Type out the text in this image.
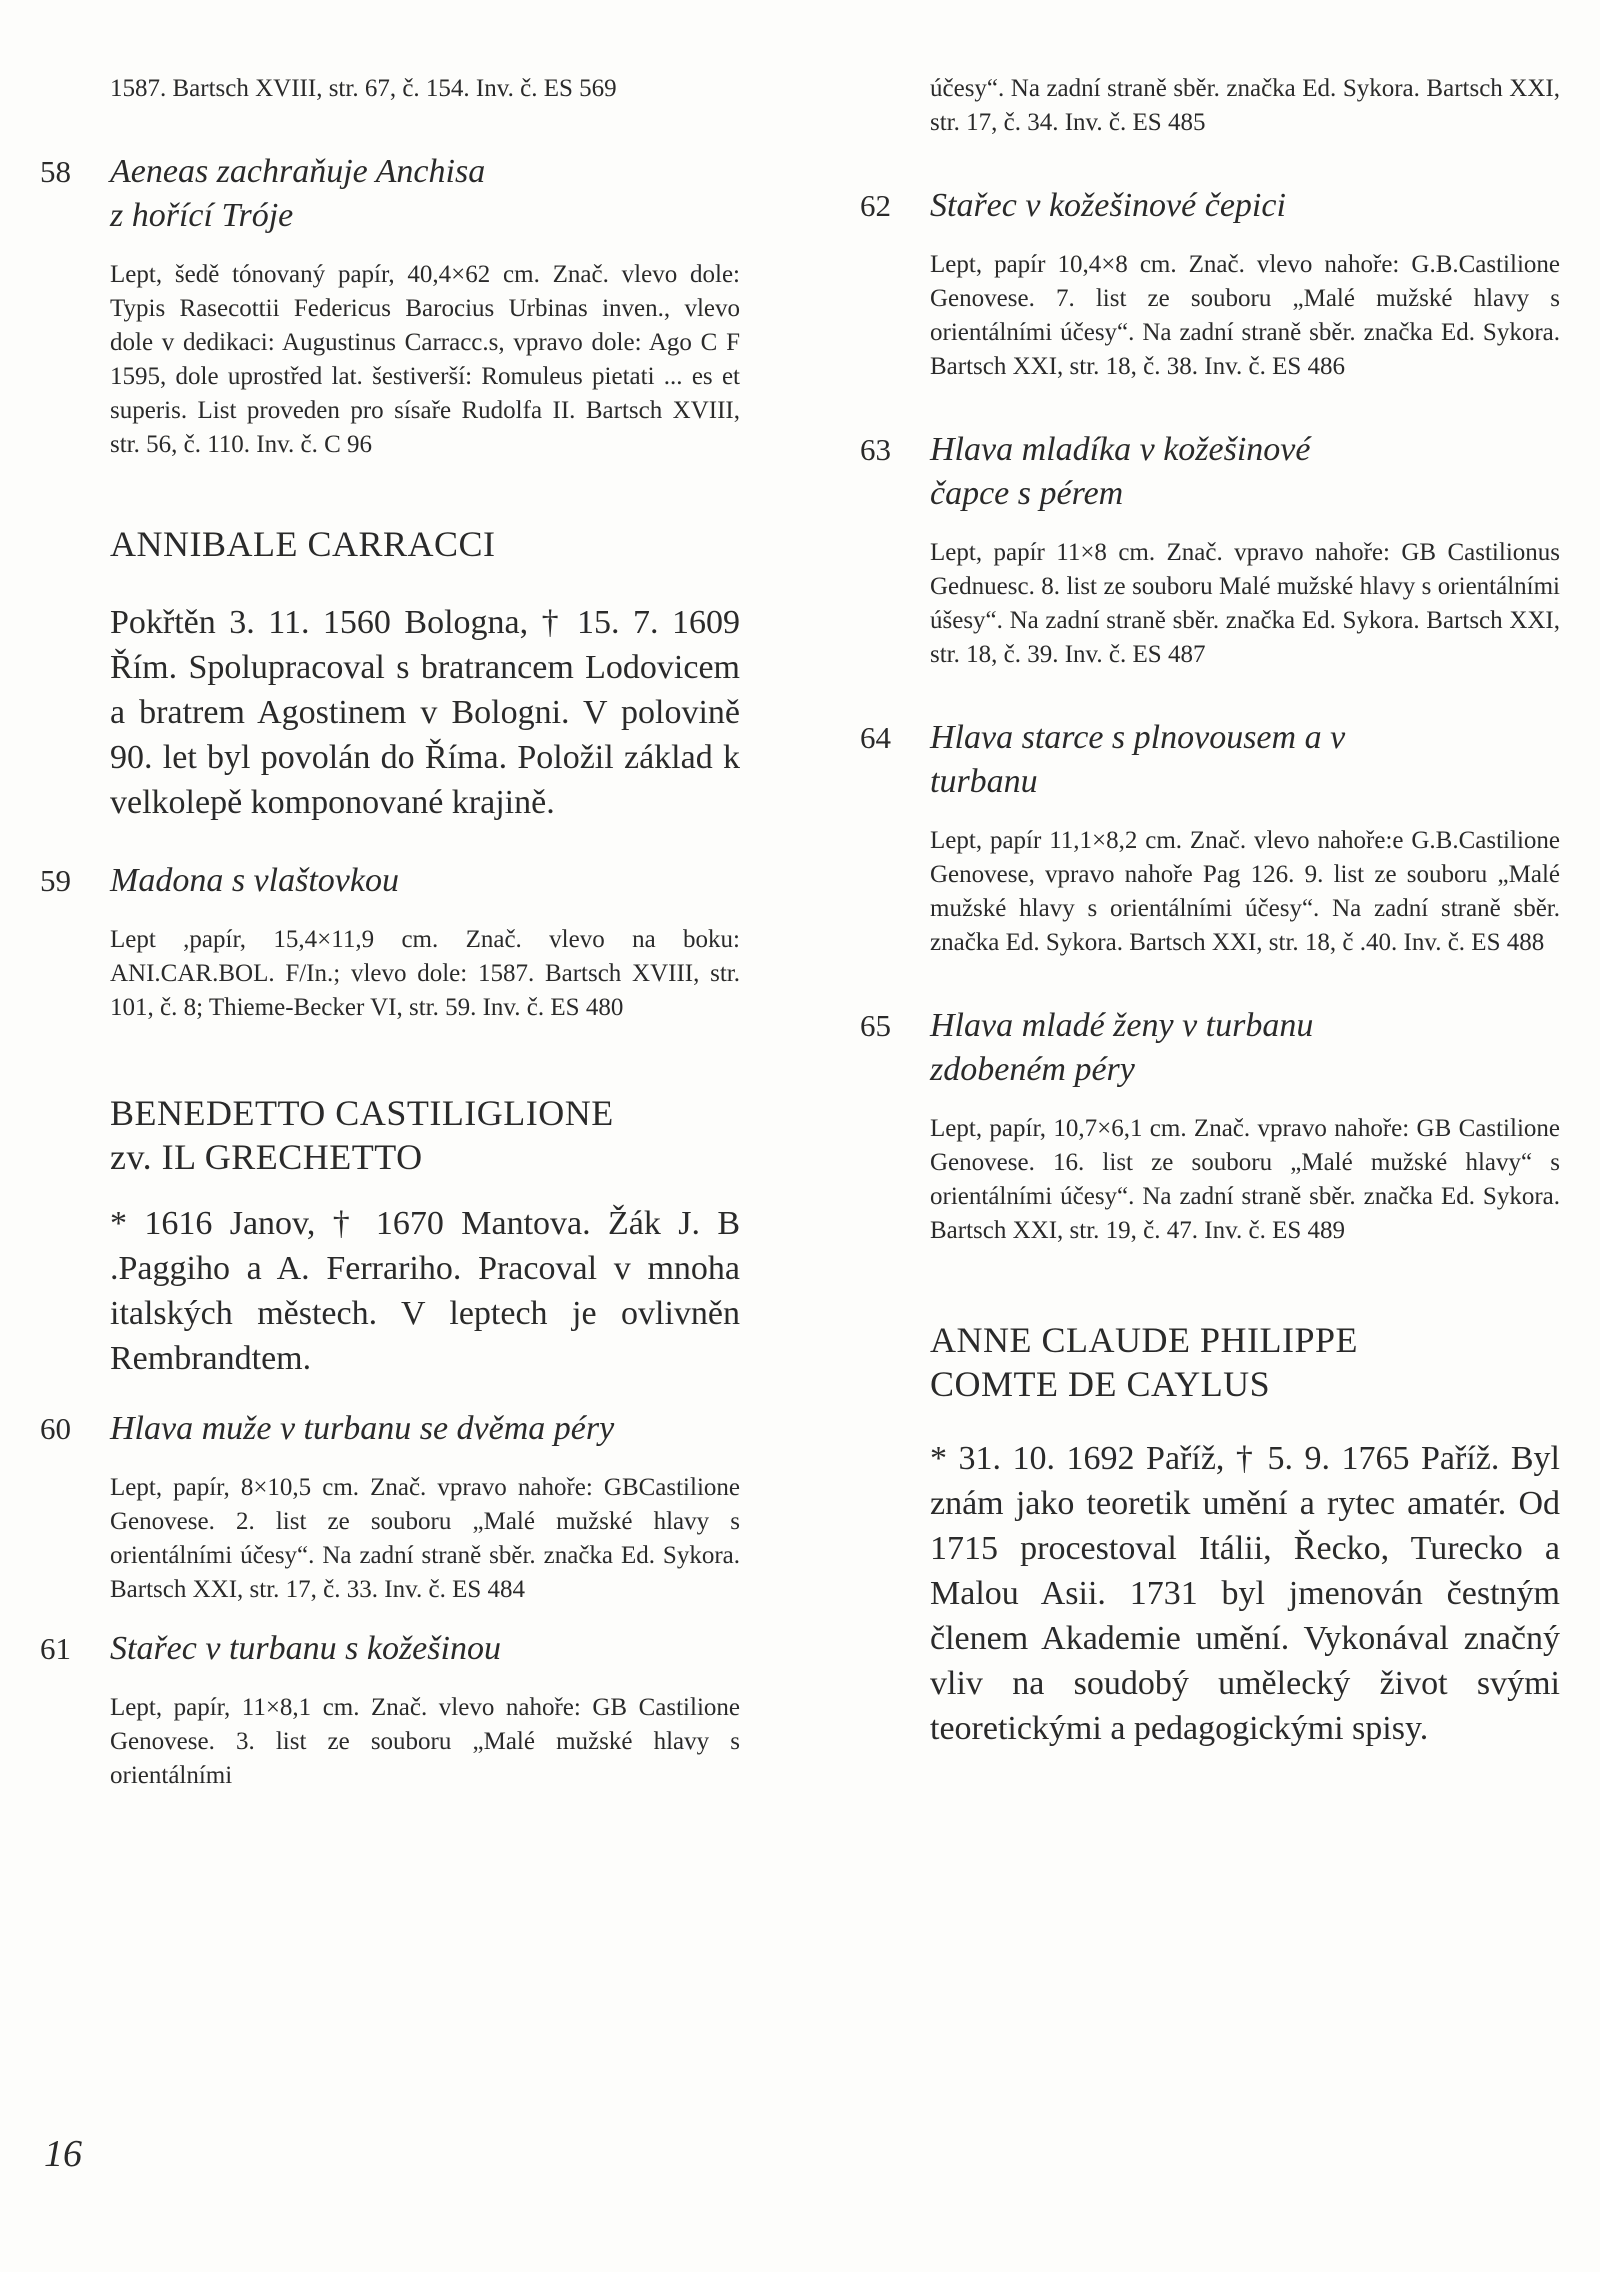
1587. Bartsch XVIII, str. 67, č. 154. Inv. č. ES 569

58 Aeneas zachraňuje Anchisa z hořící Tróje

Lept, šedě tónovaný papír, 40,4×62 cm. Znač. vlevo dole: Typis Rasecottii Federicus Barocius Urbinas inven., vlevo dole v dedikaci: Augustinus Carracc.s, vpravo dole: Ago C F 1595, dole uprostřed lat. šestiverší: Romuleus pietati ... es et superis. List proveden pro sísaře Rudolfa II. Bartsch XVIII, str. 56, č. 110. Inv. č. C 96

ANNIBALE CARRACCI

Pokřtěn 3. 11. 1560 Bologna, † 15. 7. 1609 Řím. Spolupracoval s bratrancem Lodovicem a bratrem Agostinem v Bologni. V polovině 90. let byl povolán do Říma. Položil základ k velkolepě komponované krajině.

59 Madona s vlaštovkou

Lept ,papír, 15,4×11,9 cm. Znač. vlevo na boku: ANI.CAR.BOL. F/In.; vlevo dole: 1587. Bartsch XVIII, str. 101, č. 8; Thieme-Becker VI, str. 59. Inv. č. ES 480

BENEDETTO CASTILIGLIONE
zv. IL GRECHETTO

* 1616 Janov, † 1670 Mantova. Žák J. B .Paggiho a A. Ferrariho. Pracoval v mnoha italských městech. V leptech je ovlivněn Rembrandtem.

60 Hlava muže v turbanu se dvěma péry

Lept, papír, 8×10,5 cm. Znač. vpravo nahoře: GBCastilione Genovese. 2. list ze souboru „Malé mužské hlavy s orientálními účesy“. Na zadní straně sběr. značka Ed. Sykora. Bartsch XXI, str. 17, č. 33. Inv. č. ES 484

61 Stařec v turbanu s kožešinou

Lept, papír, 11×8,1 cm. Znač. vlevo nahoře: GB Castilione Genovese. 3. list ze souboru „Malé mužské hlavy s orientálními

účesy“. Na zadní straně sběr. značka Ed. Sykora. Bartsch XXI, str. 17, č. 34. Inv. č. ES 485

62 Stařec v kožešinové čepici

Lept, papír 10,4×8 cm. Znač. vlevo nahoře: G.B.Castilione Genovese. 7. list ze souboru „Malé mužské hlavy s orientálními účesy“. Na zadní straně sběr. značka Ed. Sykora. Bartsch XXI, str. 18, č. 38. Inv. č. ES 486

63 Hlava mladíka v kožešinové čapce s pérem

Lept, papír 11×8 cm. Znač. vpravo nahoře: GB Castilionus Gednuesc. 8. list ze souboru Malé mužské hlavy s orientálními úšesy“. Na zadní straně sběr. značka Ed. Sykora. Bartsch XXI, str. 18, č. 39. Inv. č. ES 487

64 Hlava starce s plnovousem a v turbanu

Lept, papír 11,1×8,2 cm. Znač. vlevo nahoře:e G.B.Castilione Genovese, vpravo nahoře Pag 126. 9. list ze souboru „Malé mužské hlavy s orientálními účesy“. Na zadní straně sběr. značka Ed. Sykora. Bartsch XXI, str. 18, č .40. Inv. č. ES 488

65 Hlava mladé ženy v turbanu zdobeném péry

Lept, papír, 10,7×6,1 cm. Znač. vpravo nahoře: GB Castilione Genovese. 16. list ze souboru „Malé mužské hlavy“ s orientálními účesy“. Na zadní straně sběr. značka Ed. Sykora. Bartsch XXI, str. 19, č. 47. Inv. č. ES 489

ANNE CLAUDE PHILIPPE
COMTE DE CAYLUS

* 31. 10. 1692 Paříž, † 5. 9. 1765 Paříž. Byl znám jako teoretik umění a rytec amatér. Od 1715 procestoval Itálii, Řecko, Turecko a Malou Asii. 1731 byl jmenován čestným členem Akademie umění. Vykonával značný vliv na soudobý umělecký život svými teoretickými a pedagogickými spisy.

16
